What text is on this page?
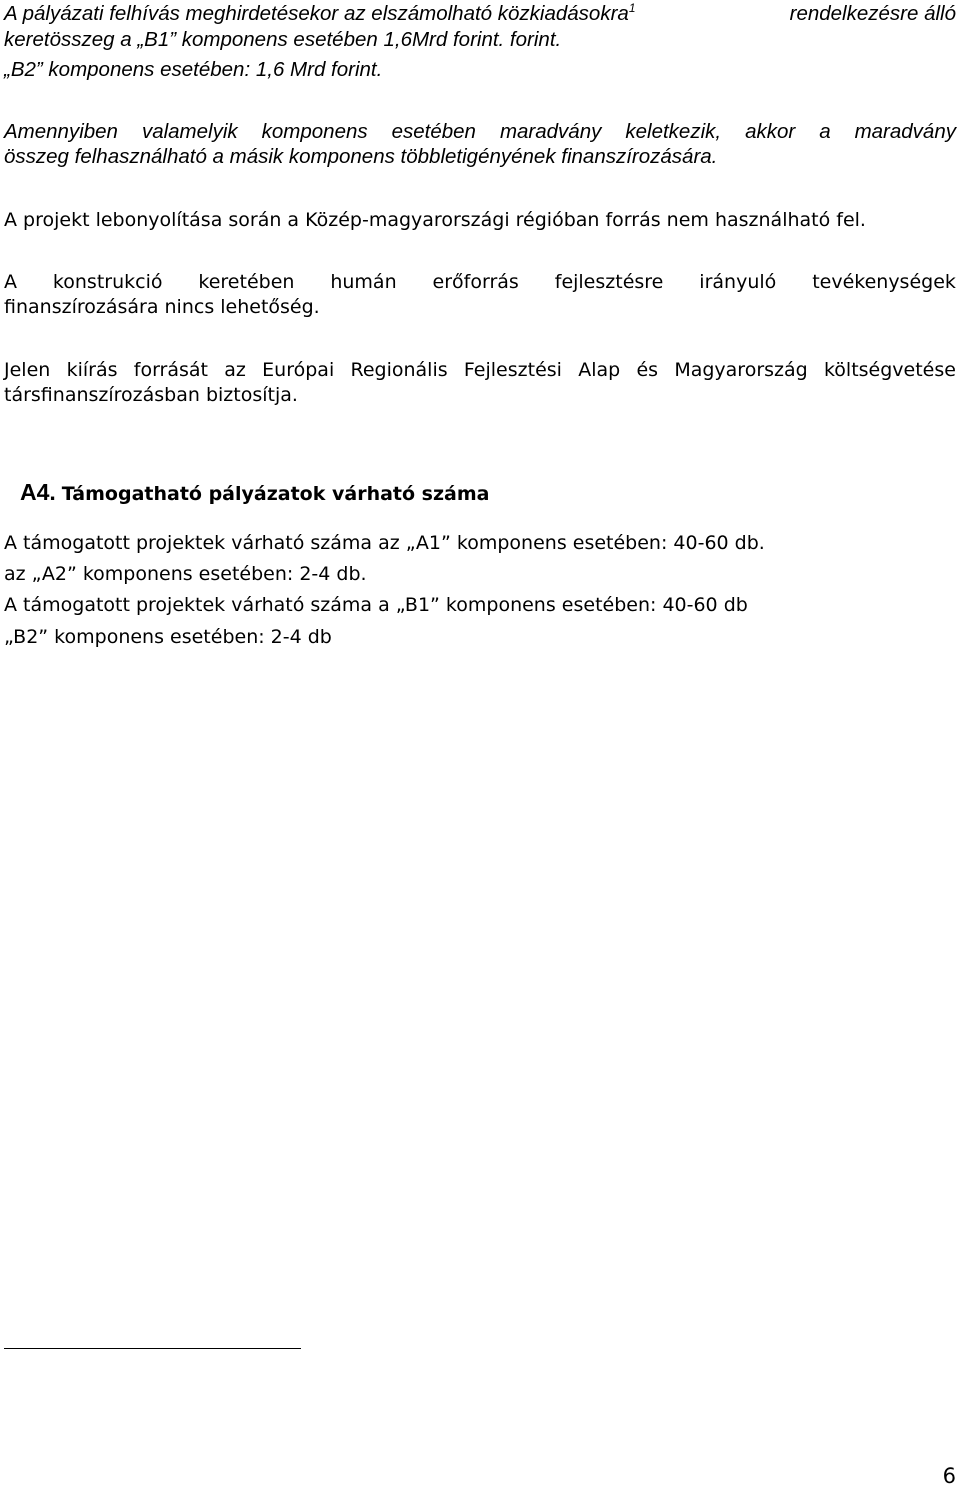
A pályázati felhívás meghirdetésekor az elszámolható közkiadásokra$^1$	rendelkezésre álló
keretösszeg a „B1” komponens esetében 1,6Mrd forint. forint.
„B2” komponens esetében: 1,6 Mrd forint.
Amennyiben valamelyik komponens esetében maradvány keletkezik, akkor a maradvány
összeg felhasználható a másik komponens többletigényének finanszírozására.
A projekt lebonyolítása során a Közép-magyarországi régióban forrás nem használható fel.
A konstrukció keretében humán erőforrás fejlesztésre irányuló tevékenységek
finanszírozására nincs lehetőség.
Jelen kiírás forrását az Európai Regionális Fejlesztési Alap és Magyarország költségvetése
társfinanszírozásban biztosítja.
A4. Támogatható pályázatok várható száma
A támogatott projektek várható száma az „A1” komponens esetében: 40-60 db.
az „A2” komponens esetében: 2-4 db.
A támogatott projektek várható száma a „B1” komponens esetében: 40-60 db
„B2” komponens esetében: 2-4 db
6
